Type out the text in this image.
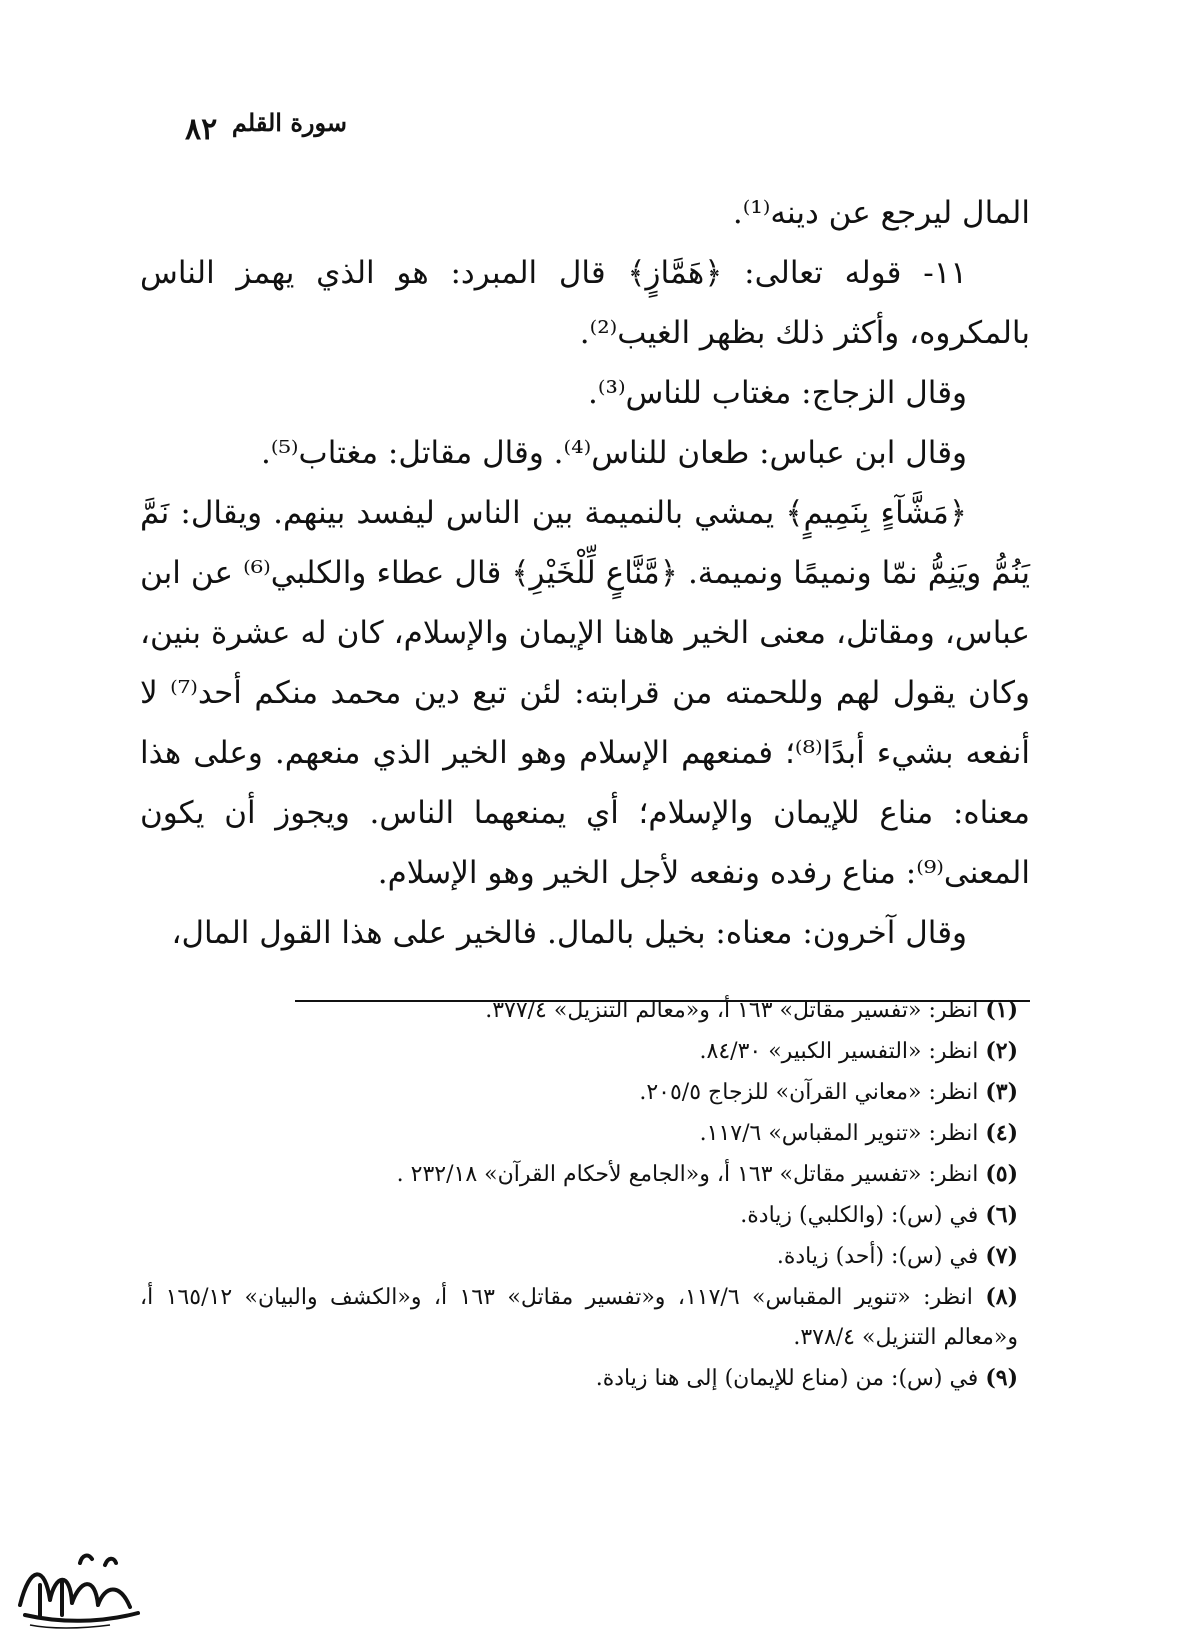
٨٢ سورة القلم

المال ليرجع عن دينه⁽¹⁾.

١١- قوله تعالى: ﴿هَمَّازٍ﴾ قال المبرد: هو الذي يهمز الناس بالمكروه، وأكثر ذلك بظهر الغيب⁽²⁾.

وقال الزجاج: مغتاب للناس⁽³⁾.

وقال ابن عباس: طعان للناس⁽⁴⁾. وقال مقاتل: مغتاب⁽⁵⁾.

﴿مَشَّآءٍ بِنَمِيمٍ﴾ يمشي بالنميمة بين الناس ليفسد بينهم. ويقال: نَمَّ يَنُمُّ ويَنِمُّ نمّا ونميمًا ونميمة. ﴿مَّنَّاعٍ لِّلْخَيْرِ﴾ قال عطاء والكلبي⁽⁶⁾ عن ابن عباس، ومقاتل، معنى الخير هاهنا الإيمان والإسلام، كان له عشرة بنين، وكان يقول لهم وللحمته من قرابته: لئن تبع دين محمد منكم أحد⁽⁷⁾ لا أنفعه بشيء أبدًا⁽⁸⁾؛ فمنعهم الإسلام وهو الخير الذي منعهم. وعلى هذا معناه: مناع للإيمان والإسلام؛ أي يمنعهما الناس. ويجوز أن يكون المعنى⁽⁹⁾: مناع رفده ونفعه لأجل الخير وهو الإسلام.

وقال آخرون: معناه: بخيل بالمال. فالخير على هذا القول المال،

(١) انظر: «تفسير مقاتل» ١٦٣ أ، و«معالم التنزيل» ٣٧٧/٤.

(٢) انظر: «التفسير الكبير» ٨٤/٣٠.

(٣) انظر: «معاني القرآن» للزجاج ٢٠٥/٥.

(٤) انظر: «تنوير المقباس» ١١٧/٦.

(٥) انظر: «تفسير مقاتل» ١٦٣ أ، و«الجامع لأحكام القرآن» ٢٣٢/١٨ .

(٦) في (س): (والكلبي) زيادة.

(٧) في (س): (أحد) زيادة.

(٨) انظر: «تنوير المقباس» ١١٧/٦، و«تفسير مقاتل» ١٦٣ أ، و«الكشف والبيان» ١٦٥/١٢ أ، و«معالم التنزيل» ٣٧٨/٤.

(٩) في (س): من (مناع للإيمان) إلى هنا زيادة.
